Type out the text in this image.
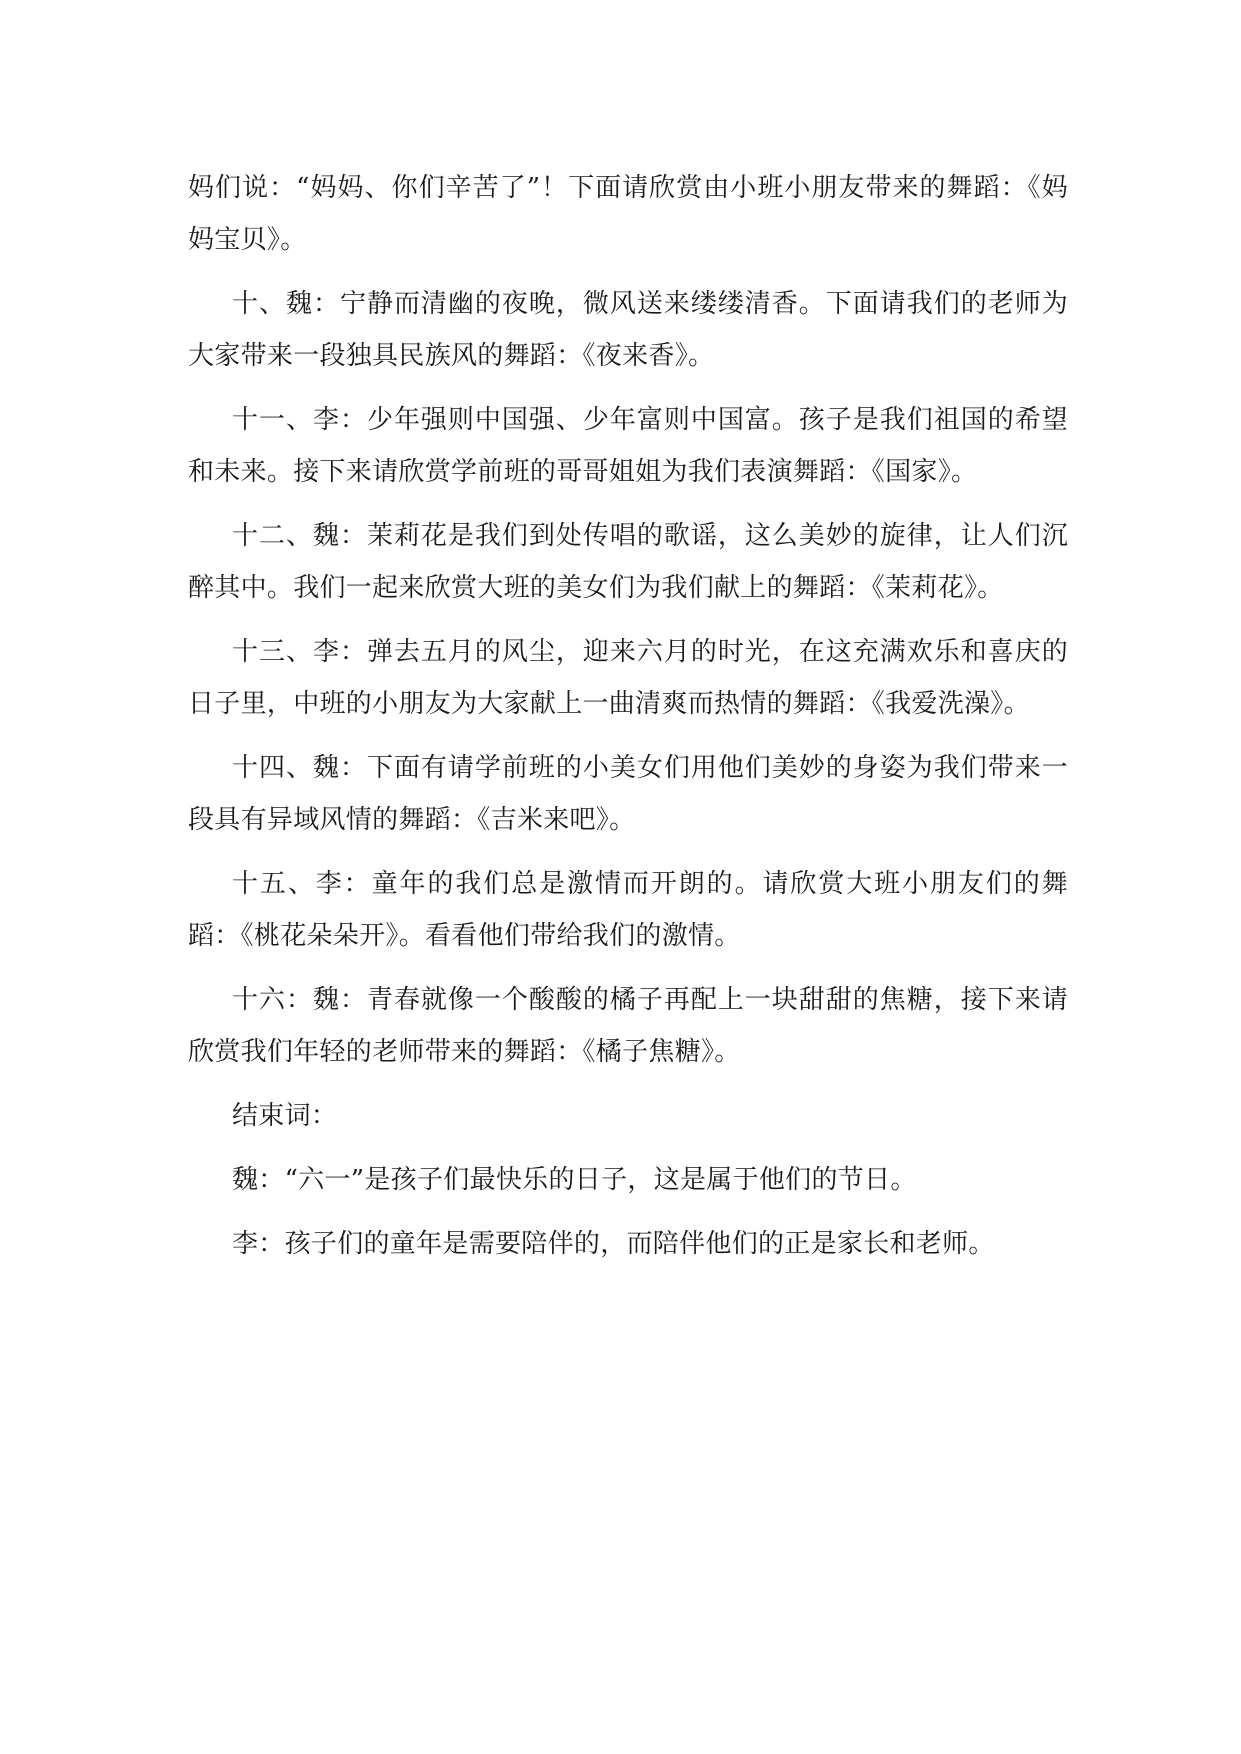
妈们说：“妈妈、你们辛苦了”！下面请欣赏由小班小朋友带来的舞蹈：《妈妈宝贝》。

十、魏：宁静而清幽的夜晚，微风送来缕缕清香。下面请我们的老师为大家带来一段独具民族风的舞蹈：《夜来香》。

十一、李：少年强则中国强、少年富则中国富。孩子是我们祖国的希望和未来。接下来请欣赏学前班的哥哥姐姐为我们表演舞蹈：《国家》。

十二、魏：茉莉花是我们到处传唱的歌谣，这么美妙的旋律，让人们沉醉其中。我们一起来欣赏大班的美女们为我们献上的舞蹈：《茉莉花》。

十三、李：弹去五月的风尘，迎来六月的时光，在这充满欢乐和喜庆的日子里，中班的小朋友为大家献上一曲清爽而热情的舞蹈：《我爱洗澡》。

十四、魏：下面有请学前班的小美女们用他们美妙的身姿为我们带来一段具有异域风情的舞蹈：《吉米来吧》。

十五、李：童年的我们总是激情而开朗的。请欣赏大班小朋友们的舞蹈：《桃花朵朵开》。看看他们带给我们的激情。

十六：魏：青春就像一个酸酸的橘子再配上一块甜甜的焦糖，接下来请欣赏我们年轻的老师带来的舞蹈：《橘子焦糖》。

结束词：

魏：“六一”是孩子们最快乐的日子，这是属于他们的节日。

李：孩子们的童年是需要陪伴的，而陪伴他们的正是家长和老师。
